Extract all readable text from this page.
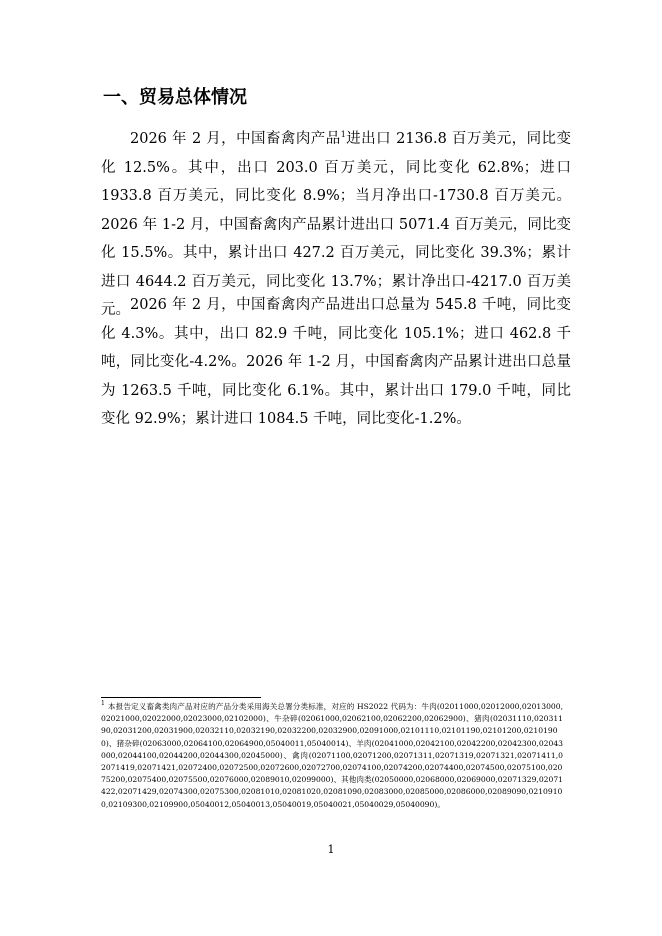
一、贸易总体情况

2026 年 2 月，中国畜禽肉产品$^1$进出口 2136.8 百万美元，同比变化 12.5%。其中，出口 203.0 百万美元，同比变化 62.8%；进口 1933.8 百万美元，同比变化 8.9%；当月净出口-1730.8 百万美元。2026 年 1-2 月，中国畜禽肉产品累计进出口 5071.4 百万美元，同比变化 15.5%。其中，累计出口 427.2 百万美元，同比变化 39.3%；累计进口 4644.2 百万美元，同比变化 13.7%；累计净出口-4217.0 百万美元。 2026 年 2 月，中国畜禽肉产品进出口总量为 545.8 千吨，同比变化 4.3%。其中，出口 82.9 千吨，同比变化 105.1%；进口 462.8 千吨，同比变化-4.2%。2026 年 1-2 月，中国畜禽肉产品累计进出口总量为 1263.5 千吨，同比变化 6.1%。其中，累计出口 179.0 千吨，同比变化 92.9%；累计进口 1084.5 千吨，同比变化-1.2%。

$^1$ 本报告定义畜禽类肉产品对应的产品分类采用海关总署分类标准，对应的 HS2022 代码为：牛肉(02011000,02012000,02013000,02021000,02022000,02023000,02102000)、牛杂碎(02061000,02062100,02062200,02062900)、猪肉(02031110,02031190,02031200,02031900,02032110,02032190,02032200,02032900,02091000,02101110,02101190,02101200,02101900)、猪杂碎(02063000,02064100,02064900,05040011,05040014)、羊肉(02041000,02042100,02042200,02042300,02043000,02044100,02044200,02044300,02045000)、禽肉(02071100,02071200,02071311,02071319,02071321,02071411,02071419,02071421,02072400,02072500,02072600,02072700,02074100,02074200,02074400,02074500,02075100,02075200,02075400,02075500,02076000,02089010,02099000)、其他肉类(02050000,02068000,02069000,02071329,02071422,02071429,02074300,02075300,02081010,02081020,02081090,02083000,02085000,02086000,02089090,02109100,02109300,02109900,05040012,05040013,05040019,05040021,05040029,05040090)。

1
